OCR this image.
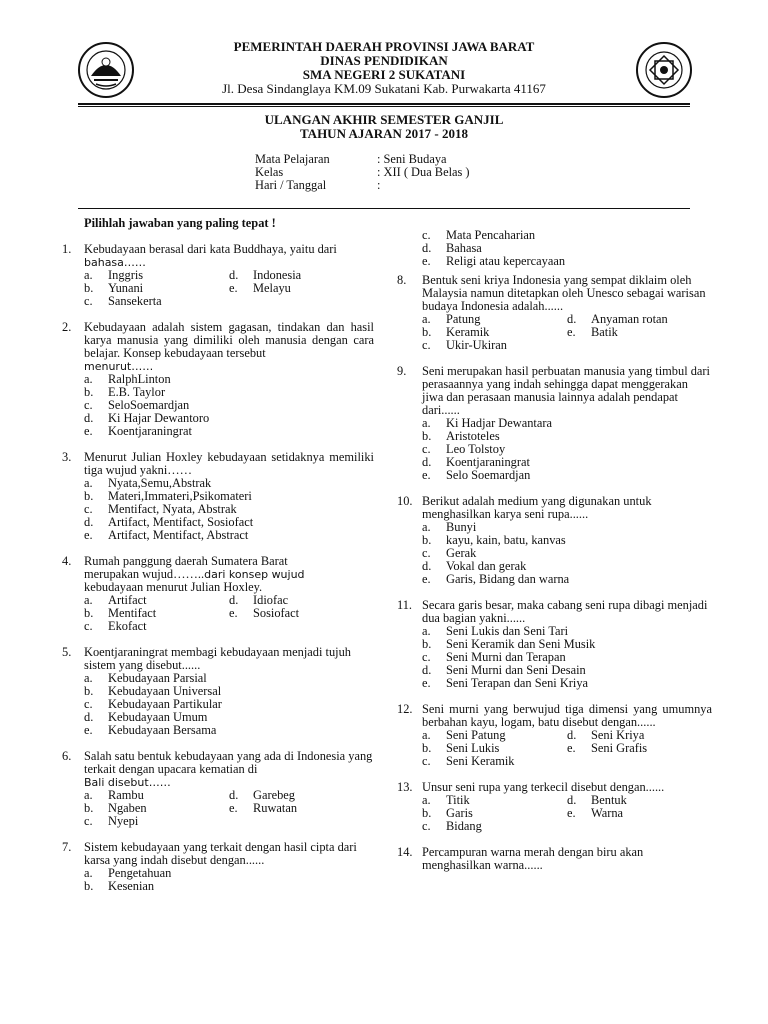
PEMERINTAH DAERAH PROVINSI JAWA BARAT
DINAS PENDIDIKAN
SMA NEGERI 2 SUKATANI
Jl. Desa Sindanglaya KM.09 Sukatani Kab. Purwakarta 41167
ULANGAN AKHIR SEMESTER GANJIL
TAHUN AJARAN 2017 - 2018
Mata Pelajaran	: Seni Budaya
Kelas	: XII ( Dua Belas )
Hari / Tanggal	:
Pilihlah jawaban yang paling tepat !
1.	Kebudayaan berasal dari kata Buddhaya, yaitu dari
bahasa……
a.	Inggris	d.	Indonesia
b.	Yunani	e.	Melayu
c.	Sansekerta
2.	Kebudayaan adalah sistem gagasan, tindakan dan hasil karya manusia yang dimiliki oleh manusia dengan cara belajar. Konsep kebudayaan tersebut
menurut……
a.	RalphLinton
b.	E.B. Taylor
c.	SeloSoemardjan
d.	Ki Hajar Dewantoro
e.	Koentjaraningrat
3.	Menurut Julian Hoxley kebudayaan setidaknya memiliki tiga wujud yakni……
a.	Nyata,Semu,Abstrak
b.	Materi,Immateri,Psikomateri
c.	Mentifact, Nyata, Abstrak
d.	Artifact, Mentifact, Sosiofact
e.	Artifact, Mentifact, Abstract
4.	Rumah panggung daerah Sumatera Barat
merupakan wujud……..dari konsep wujud
kebudayaan menurut Julian Hoxley.
a.	Artifact	d.	Idiofac
b.	Mentifact	e.	Sosiofact
c.	Ekofact
5.	Koentjaraningrat membagi kebudayaan menjadi tujuh sistem yang disebut......
a.	Kebudayaan Parsial
b.	Kebudayaan Universal
c.	Kebudayaan Partikular
d.	Kebudayaan Umum
e.	Kebudayaan Bersama
6.	Salah satu bentuk kebudayaan yang ada di Indonesia yang terkait dengan upacara kematian di
Bali disebut……
a.	Rambu	d.	Garebeg
b.	Ngaben	e.	Ruwatan
c.	Nyepi
7.	Sistem kebudayaan yang terkait dengan hasil cipta dari karsa yang indah disebut dengan......
a.	Pengetahuan
b.	Kesenian
c.	Mata Pencaharian
d.	Bahasa
e.	Religi atau kepercayaan
8.	Bentuk seni kriya Indonesia yang sempat diklaim oleh Malaysia namun ditetapkan oleh Unesco sebagai warisan budaya Indonesia adalah......
a.	Patung	d.	Anyaman rotan
b.	Keramik	e.	Batik
c.	Ukir-Ukiran
9.	Seni merupakan hasil perbuatan manusia yang timbul dari perasaannya yang indah sehingga dapat menggerakan jiwa dan perasaan manusia lainnya adalah pendapat dari......
a.	Ki Hadjar Dewantara
b.	Aristoteles
c.	Leo Tolstoy
d.	Koentjaraningrat
e.	Selo Soemardjan
10. Berikut adalah medium yang digunakan untuk menghasilkan karya seni rupa......
a.	Bunyi
b.	kayu, kain, batu, kanvas
c.	Gerak
d.	Vokal dan gerak
e.	Garis, Bidang dan warna
11. Secara garis besar, maka cabang seni rupa dibagi menjadi dua bagian yakni......
a.	Seni Lukis dan Seni Tari
b.	Seni Keramik dan Seni Musik
c.	Seni Murni dan Terapan
d.	Seni Murni dan Seni Desain
e.	Seni Terapan dan Seni Kriya
12. Seni murni yang berwujud tiga dimensi yang umumnya berbahan kayu, logam, batu disebut dengan......
a.	Seni Patung	d.	Seni Kriya
b.	Seni Lukis	e.	Seni Grafis
c.	Seni Keramik
13. Unsur seni rupa yang terkecil disebut dengan......
a.	Titik	d.	Bentuk
b.	Garis	e.	Warna
c.	Bidang
14. Percampuran warna merah dengan biru akan menghasilkan warna......
